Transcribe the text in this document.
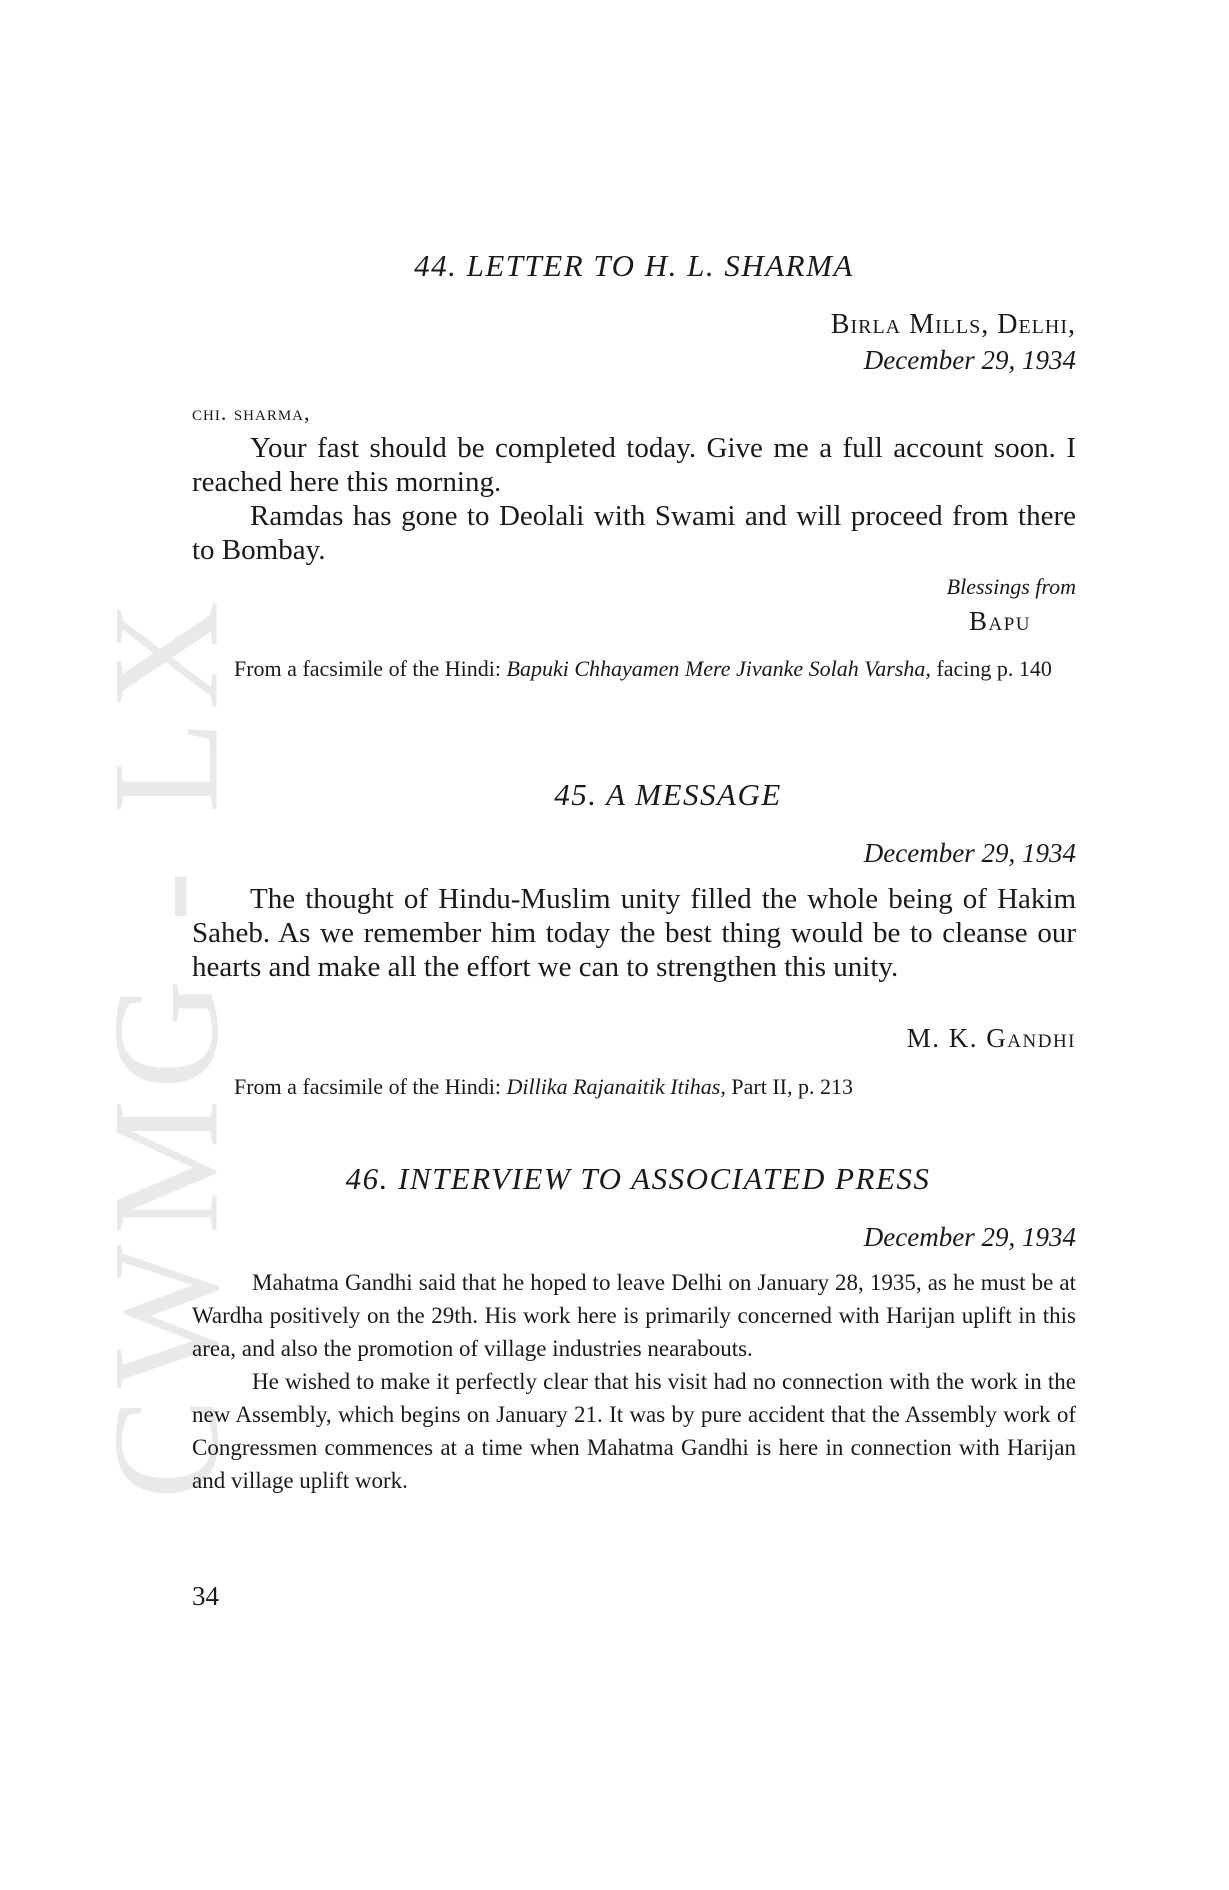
CWMG - LX
44. LETTER TO H. L. SHARMA
Birla Mills, Delhi,
December 29, 1934
chi. sharma,

Your fast should be completed today. Give me a full account soon. I reached here this morning.

Ramdas has gone to Deolali with Swami and will proceed from there to Bombay.

Blessings from
Bapu
From a facsimile of the Hindi: Bapuki Chhayamen Mere Jivanke Solah Varsha, facing p. 140
45. A MESSAGE
December 29, 1934

The thought of Hindu-Muslim unity filled the whole being of Hakim Saheb. As we remember him today the best thing would be to cleanse our hearts and make all the effort we can to strengthen this unity.

M. K. Gandhi
From a facsimile of the Hindi: Dillika Rajanaitik Itihas, Part II, p. 213
46. INTERVIEW TO ASSOCIATED PRESS
December 29, 1934

Mahatma Gandhi said that he hoped to leave Delhi on January 28, 1935, as he must be at Wardha positively on the 29th. His work here is primarily concerned with Harijan uplift in this area, and also the promotion of village industries nearabouts.

He wished to make it perfectly clear that his visit had no connection with the work in the new Assembly, which begins on January 21. It was by pure accident that the Assembly work of Congressmen commences at a time when Mahatma Gandhi is here in connection with Harijan and village uplift work.

34
